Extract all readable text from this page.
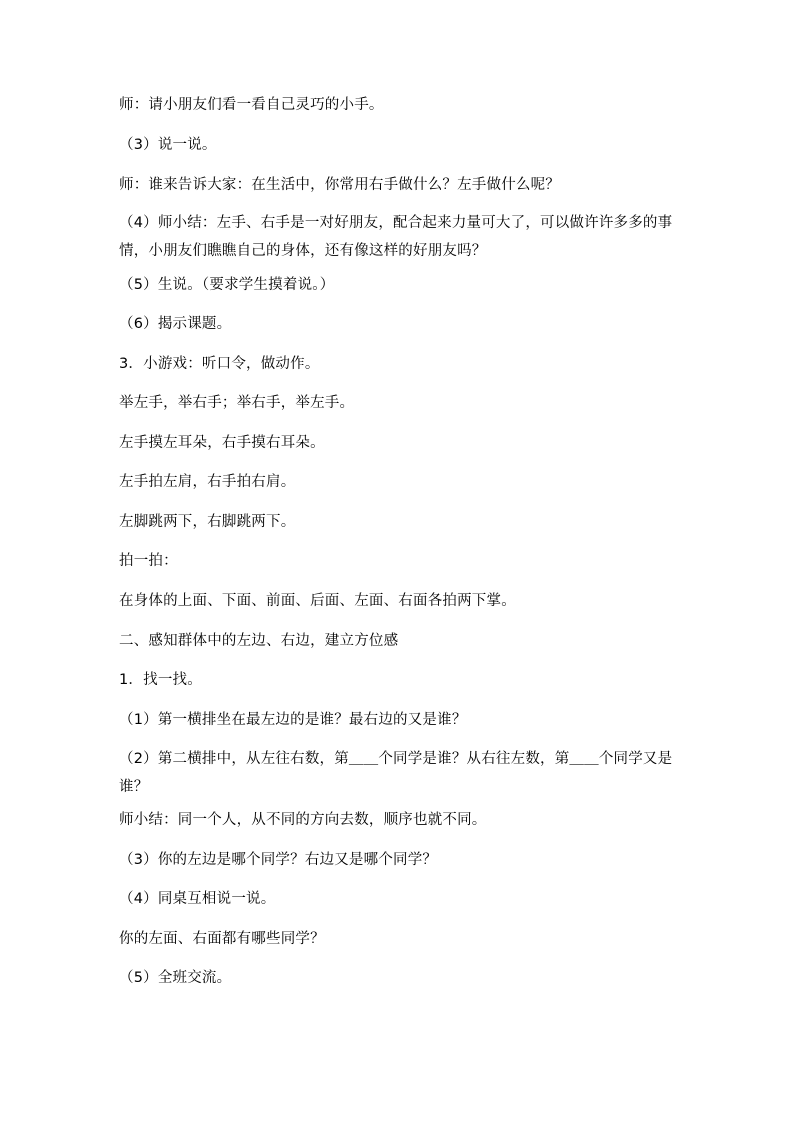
师：请小朋友们看一看自己灵巧的小手。

（3）说一说。

师：谁来告诉大家：在生活中，你常用右手做什么？左手做什么呢？

（4）师小结：左手、右手是一对好朋友，配合起来力量可大了，可以做许许多多的事情，小朋友们瞧瞧自己的身体，还有像这样的好朋友吗？

（5）生说。（要求学生摸着说。）

（6）揭示课题。

3．小游戏：听口令，做动作。

举左手，举右手；举右手，举左手。

左手摸左耳朵，右手摸右耳朵。

左手拍左肩，右手拍右肩。

左脚跳两下，右脚跳两下。

拍一拍：

在身体的上面、下面、前面、后面、左面、右面各拍两下掌。

二、感知群体中的左边、右边，建立方位感

1．找一找。

（1）第一横排坐在最左边的是谁？最右边的又是谁？

（2）第二横排中，从左往右数，第＿＿个同学是谁？从右往左数，第＿＿个同学又是谁？

师小结：同一个人，从不同的方向去数，顺序也就不同。

（3）你的左边是哪个同学？右边又是哪个同学？

（4）同桌互相说一说。

你的左面、右面都有哪些同学？

（5）全班交流。
